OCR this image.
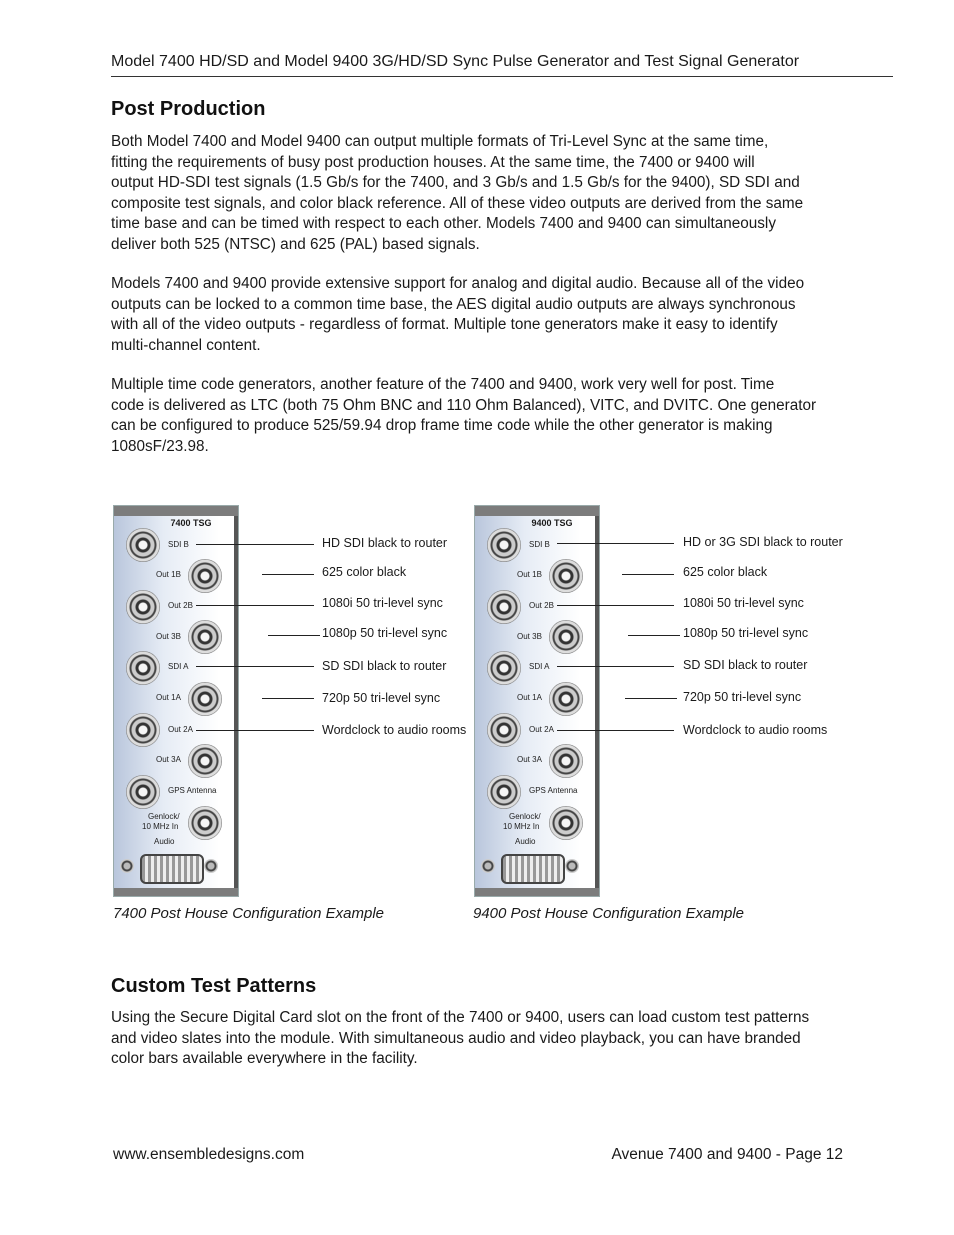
Model 7400 HD/SD and Model 9400 3G/HD/SD Sync Pulse Generator and Test Signal Generator
Post Production
Both Model 7400 and Model 9400 can output multiple formats of Tri-Level Sync at the same time,
fitting the requirements of busy post production houses. At the same time, the 7400 or 9400 will
output HD-SDI test signals (1.5 Gb/s for the 7400, and 3 Gb/s and 1.5 Gb/s for the 9400), SD SDI and
composite test signals, and color black reference. All of these video outputs are derived from the same
time base and can be timed with respect to each other. Models 7400 and 9400 can simultaneously
deliver both 525 (NTSC) and 625 (PAL) based signals.
Models 7400 and 9400 provide extensive support for analog and digital audio. Because all of the video
outputs can be locked to a common time base, the AES digital audio outputs are always synchronous
with all of the video outputs - regardless of format. Multiple tone generators make it easy to identify
multi-channel content.
Multiple time code generators, another feature of the 7400 and 9400, work very well for post. Time
code is delivered as LTC (both 75 Ohm BNC and 110 Ohm Balanced), VITC, and DVITC. One generator
can be configured to produce 525/59.94 drop frame time code while the other generator is making
1080sF/23.98.
7400 TSG
SDI B
Out 1B
Out 2B
Out 3B
SDI A
Out 1A
Out 2A
Out 3A
GPS Antenna
Genlock/
10 MHz In
Audio
HD SDI black to router
625 color black
1080i 50 tri-level sync
1080p 50 tri-level sync
SD SDI black to router
720p 50 tri-level sync
Wordclock to audio rooms
7400 Post House Configuration Example
9400 TSG
SDI B
Out 1B
Out 2B
Out 3B
SDI A
Out 1A
Out 2A
Out 3A
GPS Antenna
Genlock/
10 MHz In
Audio
HD or 3G SDI black to router
625 color black
1080i 50 tri-level sync
1080p 50 tri-level sync
SD SDI black to router
720p 50 tri-level sync
Wordclock to audio rooms
9400 Post House Configuration Example
Custom Test Patterns
Using the Secure Digital Card slot on the front of the 7400 or 9400, users can load custom test patterns
and video slates into the module. With simultaneous audio and video playback, you can have branded
color bars available everywhere in the facility.
www.ensembledesigns.com	Avenue 7400 and 9400 - Page 12
